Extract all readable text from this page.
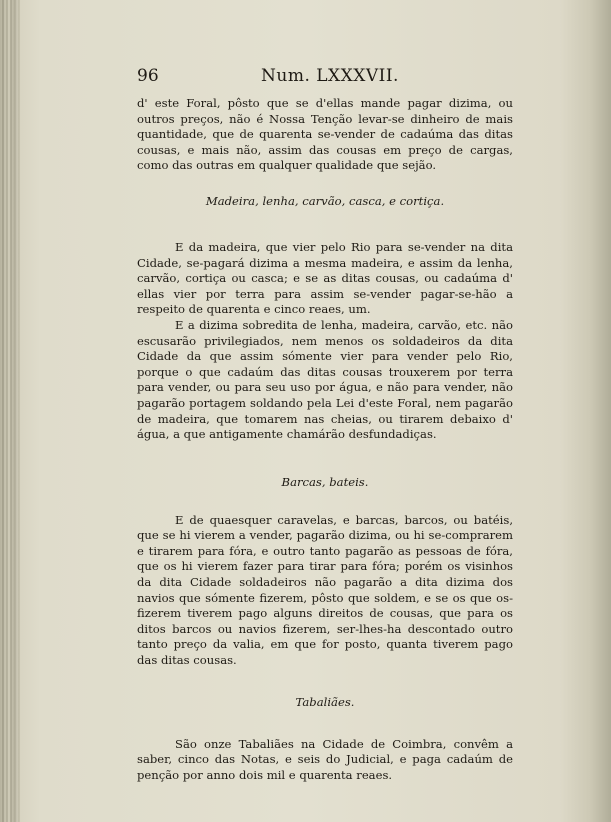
96	Num. LXXXVII.

d' este Foral, pôsto que se d'ellas mande pagar dizima, ou outros preços, não é Nossa Tenção levar-se dinheiro de mais quantidade, que de quarenta se-vender de cadaúma das ditas cousas, e mais não, assim das cousas em preço de cargas, como das outras em qualquer qualidade que sejão.

Madeira, lenha, carvão, casca, e cortiça.

E da madeira, que vier pelo Rio para se-vender na dita Cidade, se-pagará dizima a mesma madeira, e assim da lenha, carvão, cortiça ou casca; e se as ditas cousas, ou cadaúma d' ellas vier por terra para assim se-vender pagar-se-hão a respeito de quarenta e cinco reaes, um.

E a dizima sobredita de lenha, madeira, carvão, etc. não escusarão privilegiados, nem menos os soldadeiros da dita Cidade da que assim sómente vier para vender pelo Rio, porque o que cadaúm das ditas cousas trouxerem por terra para vender, ou para seu uso por água, e não para vender, não pagarão portagem soldando pela Lei d'este Foral, nem pagarão de madeira, que tomarem nas cheias, ou tirarem debaixo d' água, a que antigamente chamárão desfundadiças.

Barcas, bateis.

E de quaesquer caravelas, e barcas, barcos, ou batéis, que se hi vierem a vender, pagarão dizima, ou hi se-comprarem e tirarem para fóra, e outro tanto pagarão as pessoas de fóra, que os hi vierem fazer para tirar para fóra; porém os visinhos da dita Cidade soldadeiros não pagarão a dita dizima dos navios que sómente fizerem, pôsto que soldem, e se os que os-fizerem tiverem pago alguns direitos de cousas, que para os ditos barcos ou navios fizerem, ser-lhes-ha descontado outro tanto preço da valia, em que for posto, quanta tiverem pago das ditas cousas.

Tabaliães.

São onze Tabaliães na Cidade de Coimbra, convêm a saber, cinco das Notas, e seis do Judicial, e paga cadaúm de penção por anno dois mil e quarenta reaes.
